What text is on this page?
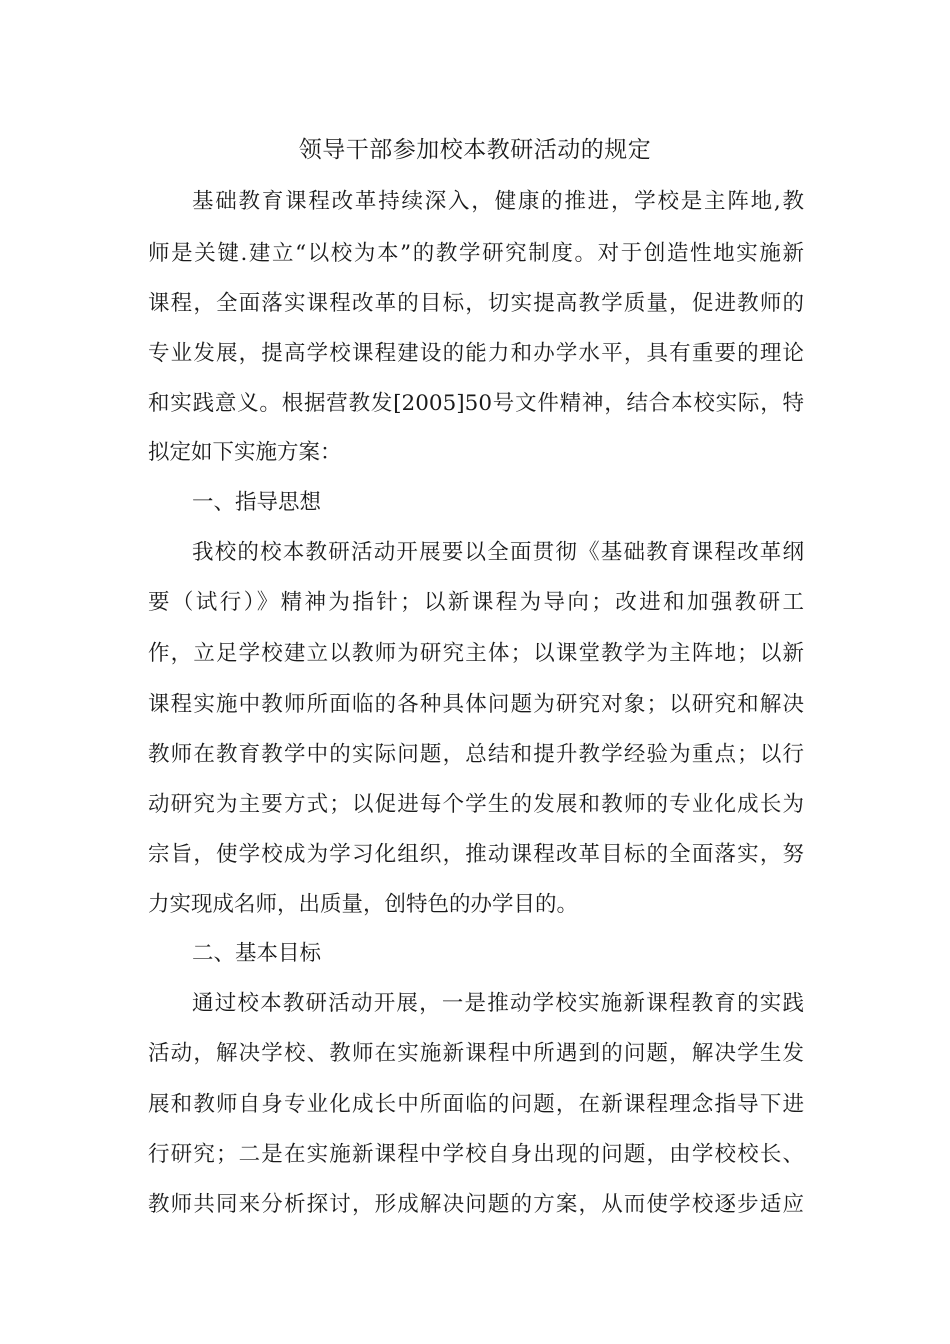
领导干部参加校本教研活动的规定
基础教育课程改革持续深入，健康的推进，学校是主阵地,教
师是关键.建立“以校为本”的教学研究制度。对于创造性地实施新
课程，全面落实课程改革的目标，切实提高教学质量，促进教师的
专业发展，提高学校课程建设的能力和办学水平，具有重要的理论
和实践意义。根据营教发[2005]50号文件精神，结合本校实际，特
拟定如下实施方案：
一、指导思想
我校的校本教研活动开展要以全面贯彻《基础教育课程改革纲
要（试行）》精神为指针；以新课程为导向；改进和加强教研工
作，立足学校建立以教师为研究主体；以课堂教学为主阵地；以新
课程实施中教师所面临的各种具体问题为研究对象；以研究和解决
教师在教育教学中的实际问题，总结和提升教学经验为重点；以行
动研究为主要方式；以促进每个学生的发展和教师的专业化成长为
宗旨，使学校成为学习化组织，推动课程改革目标的全面落实，努
力实现成名师，出质量，创特色的办学目的。
二、基本目标
通过校本教研活动开展，一是推动学校实施新课程教育的实践
活动，解决学校、教师在实施新课程中所遇到的问题，解决学生发
展和教师自身专业化成长中所面临的问题，在新课程理念指导下进
行研究；二是在实施新课程中学校自身出现的问题，由学校校长、
教师共同来分析探讨，形成解决问题的方案，从而使学校逐步适应
